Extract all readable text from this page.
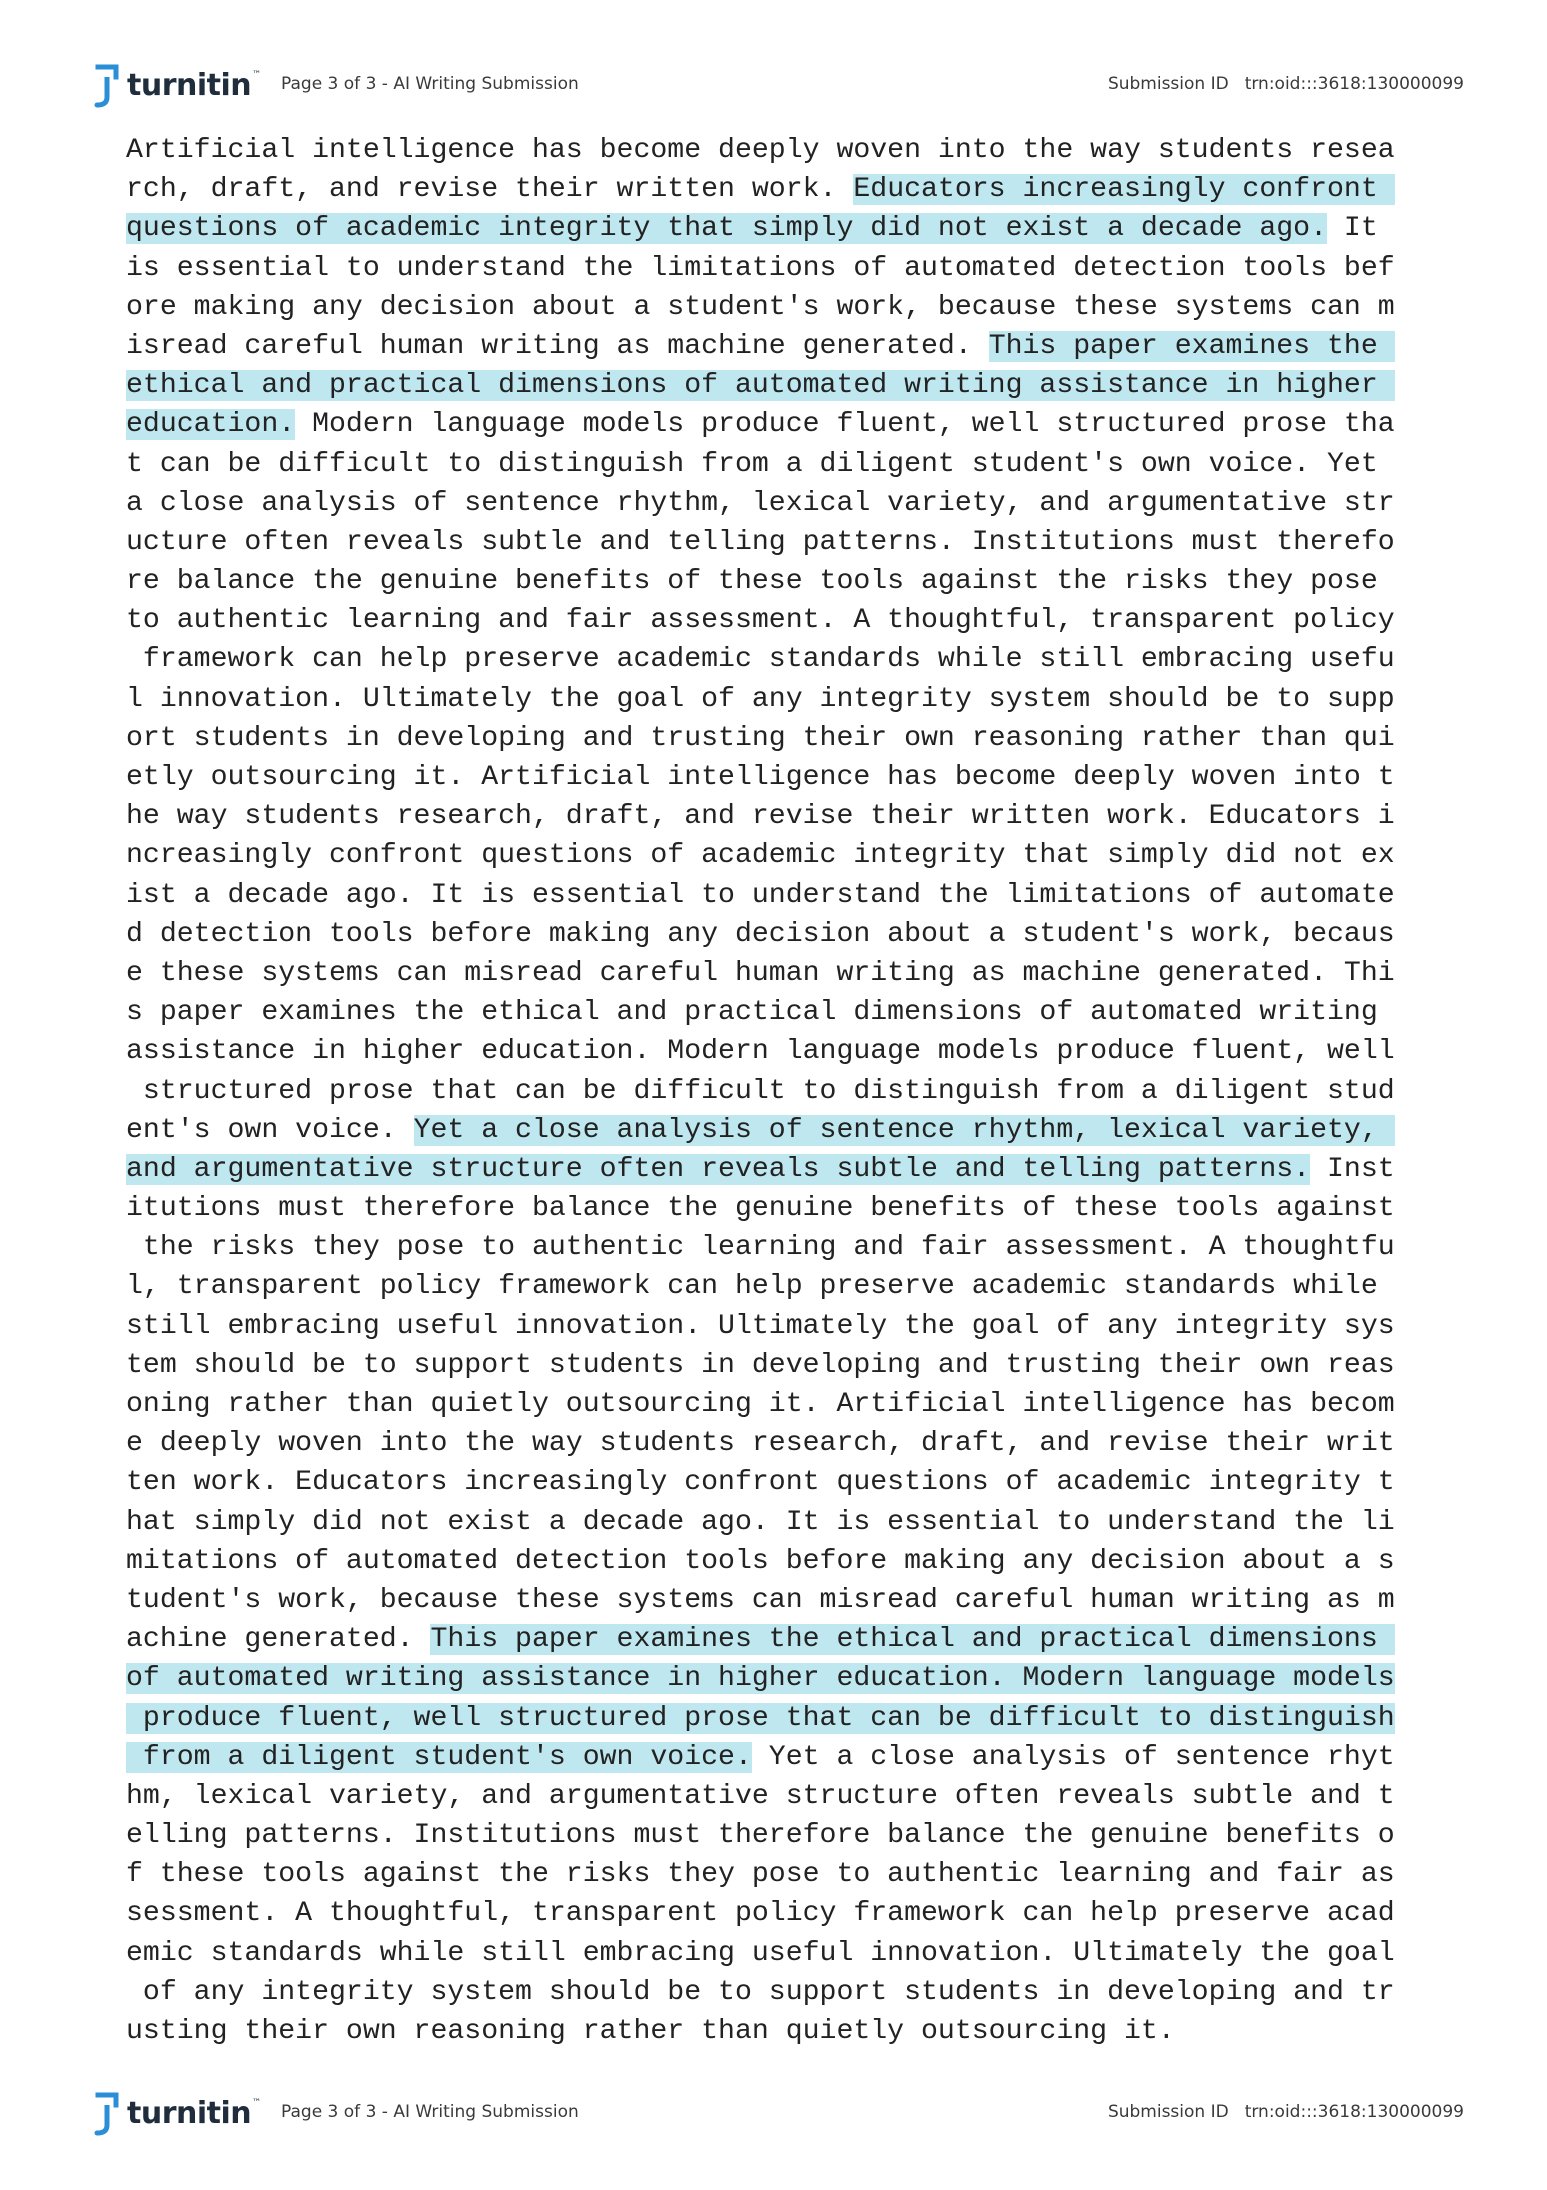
turnitin ™ Page 3 of 3 - AI Writing Submission	Submission ID trn:oid:::3618:130000099
Artificial intelligence has become deeply woven into the way students resea
rch, draft, and revise their written work. Educators increasingly confront
questions of academic integrity that simply did not exist a decade ago. It
is essential to understand the limitations of automated detection tools bef
ore making any decision about a student's work, because these systems can m
isread careful human writing as machine generated. This paper examines the
ethical and practical dimensions of automated writing assistance in higher
education. Modern language models produce fluent, well structured prose tha
t can be difficult to distinguish from a diligent student's own voice. Yet
a close analysis of sentence rhythm, lexical variety, and argumentative str
ucture often reveals subtle and telling patterns. Institutions must therefo
re balance the genuine benefits of these tools against the risks they pose
to authentic learning and fair assessment. A thoughtful, transparent policy
framework can help preserve academic standards while still embracing usefu
l innovation. Ultimately the goal of any integrity system should be to supp
ort students in developing and trusting their own reasoning rather than qui
etly outsourcing it. Artificial intelligence has become deeply woven into t
he way students research, draft, and revise their written work. Educators i
ncreasingly confront questions of academic integrity that simply did not ex
ist a decade ago. It is essential to understand the limitations of automate
d detection tools before making any decision about a student's work, becaus
e these systems can misread careful human writing as machine generated. Thi
s paper examines the ethical and practical dimensions of automated writing
assistance in higher education. Modern language models produce fluent, well
structured prose that can be difficult to distinguish from a diligent stud
ent's own voice. Yet a close analysis of sentence rhythm, lexical variety,
and argumentative structure often reveals subtle and telling patterns. Inst
itutions must therefore balance the genuine benefits of these tools against
the risks they pose to authentic learning and fair assessment. A thoughtfu
l, transparent policy framework can help preserve academic standards while
still embracing useful innovation. Ultimately the goal of any integrity sys
tem should be to support students in developing and trusting their own reas
oning rather than quietly outsourcing it. Artificial intelligence has becom
e deeply woven into the way students research, draft, and revise their writ
ten work. Educators increasingly confront questions of academic integrity t
hat simply did not exist a decade ago. It is essential to understand the li
mitations of automated detection tools before making any decision about a s
tudent's work, because these systems can misread careful human writing as m
achine generated. This paper examines the ethical and practical dimensions
of automated writing assistance in higher education. Modern language models
produce fluent, well structured prose that can be difficult to distinguish
from a diligent student's own voice. Yet a close analysis of sentence rhyt
hm, lexical variety, and argumentative structure often reveals subtle and t
elling patterns. Institutions must therefore balance the genuine benefits o
f these tools against the risks they pose to authentic learning and fair as
sessment. A thoughtful, transparent policy framework can help preserve acad
emic standards while still embracing useful innovation. Ultimately the goal
of any integrity system should be to support students in developing and tr
usting their own reasoning rather than quietly outsourcing it.
turnitin ™ Page 3 of 3 - AI Writing Submission	Submission ID trn:oid:::3618:130000099
